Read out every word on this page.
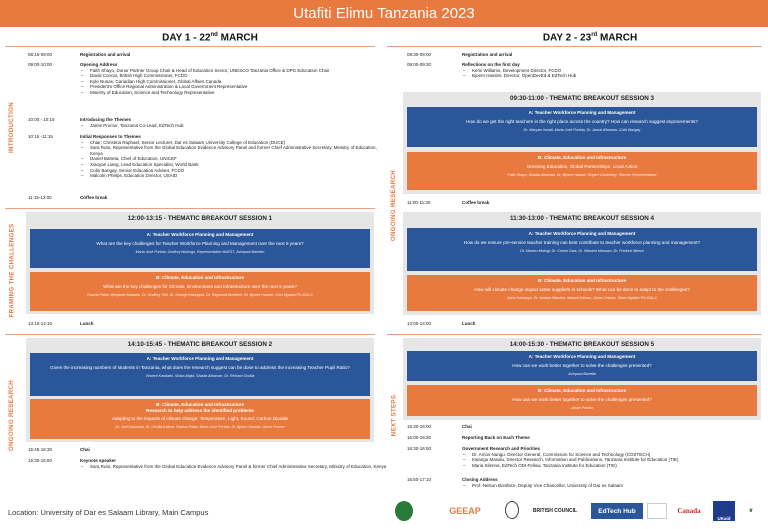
Utafiti Elimu Tanzania 2023
DAY 1 - 22nd MARCH	DAY 2 - 23rd MARCH
INTRODUCTION
FRAMING THE CHALLENGES
ONGOING RESEARCH
ONGOING RESEARCH
NEXT STEPS
08:15-09:00	Registration and arrival
09:00-10:00	Opening Address
– Faith Shayo, Donor Partner Group Chair & Head of Education Sector, UNESCO Tanzania Office & DPG Education Chair
– David Concar, British High Commissioner, FCDO
– Kyle Nunas, Canadian High Commissioner, Global Affairs Canada
– President's Office Regional Administration & Local Government Representative
– Ministry of Education, Science and Technology Representative
10:00 - 10:15	Introducing the Themes
– Jamie Proctor, Tanzania Co-Lead, EdTech Hub
10:15 -11:15	Initial Responses to Themes
– Chair: Christina Raphael, Senior Lecturer, Dar es Salaam University College of Education (DUCE)
– Sara Ruto, Representative from the Global Education Evidence Advisory Panel and former Chief Administrative Secretary, Ministry of Education, Kenya
– Daniel Baheta, Chief of Education, UNICEF
– Xiaoyan Liang, Lead Education Specialist, World Bank
– Colin Bangay, Senior Education Adviser, FCDO
– Malcolm Phelps, Education Director, USAID
11:15-12:00	Coffee break
12:00-13:15 - THEMATIC BREAKOUT SESSION 1
A: Teacher Workforce Planning and Management
What are the key challenges for Teacher Workforce Planning and Management over the next 5 years?
Maria José Portela, Godfrey Mulongo, Representative MoEST, Johnpaul Barretto
B: Climate, Education and Infrastructure
What are the key challenges for Climate, Environment and Infrastructure over the next 5 years?
Ravina Pattni, Benjamin Mawoko, Dr. Godfrey Telli, Dr. George Kalungwa, Dr. Raymond Boniface, Dr. Bjoern Hassler, Cem Mgaiha PO-RALG
13:15-14:10	Lunch
14:10-15:45 - THEMATIC BREAKOUT SESSION 2
A: Teacher Workforce Planning and Management
Given the increasing numbers of students in Tanzania, what does the research suggest can be done to address the increasing Teacher Pupil Ratio?
Vincent Kandado, Shara Majid, Shadia Alhaman, Dr. Richard Shukia
B: Climate, Education and Infrastructure
Research to help address the identified problems
Adapting to the impacts of climate change: Temperature, Light, Sound, Carbon Dioxide
Dr. Joel Kasumba, Dr. Cecilia Kalima, Ravina Pattni, Maria José Portela, Dr. Bjoern Hassler, Jamie Proctor
15:45-16:30	Chai
16:30-16:50	Keynote speaker
– Sara Ruto, Representative from the Global Education Evidence Advisory Panel & former Chief Administrative Secretary, Ministry of Education, Kenya
08:30-09:00	Registration and arrival
09:00-09:30	Reflections on the first day
– Kemi Williams, Development Director, FCDO
– Bjoern Hassler, Director, OpenDevEd & EdTech Hub
09:30-11:00 - THEMATIC BREAKOUT SESSION 3
A: Teacher Workforce Planning and Management
How do we get the right teachers in the right place across the country? How can research suggest improvements?
Dr. Maryam Ismail, Maria José Portela, Dr. Jamal Alhaman, Colin Bangay
B: Climate, Education and Infrastructure
Greening Education, Global Partnerships, Local Action
Faith Shayo, Shadia Alhaman, Dr. Bjoern Hassler, Rupert Corbishley, Teacher Representative
11:00-11:30	Coffee break
11:30-13:00 - THEMATIC BREAKOUT SESSION 4
A: Teacher Workforce Planning and Management
How do we ensure pre-service teacher training can best contribute to teacher workforce planning and management?
Dr. Mwanu Mwingi, Dr. Cohen Gwa, Dr. Winston Massam, Dr. Fredrick Mtenzi
B: Climate, Education and Infrastructure
How will climate change impact water suppliers in schools? What can be done to adapt to the challenges?
Asha Nampuya, Dr. Joseph Wamiba, Manuel Kamau, Jonas Onindo, Silver Ngalibe PO-RALG
13:00-14:00	Lunch
14:00-15:30 - THEMATIC BREAKOUT SESSION 5
A: Teacher Workforce Planning and Management
How can we work better together to solve the challenges presented?
Johnpaul Barretto
B: Climate, Education and Infrastructure
How can we work better together to solve the challenges presented?
Jamie Proctor
15:30-16:00	Chai
16:00-16:30	Reporting Back on Each Theme
16:30-16:50	Government Research and Priorities
– Dr. Amos Nungu, Director General, Commission for Science and Technology (COSTECH)
– Kwangu Masalu, Director Research, Information and Publications, Tanzania Institute for Education (TIE)
– Maria Silenna, EdTech ODI Fellow, Tanzania Institute for Education (TIE)
16:50-17:10	Closing Address
– Prof. Nelson Boniface, Deputy Vice Chancellor, University of Dar es Salaam
Location: University of Dar es Salaam Library, Main Campus	GEEAP	BRITISH COUNCIL	EdTech Hub	Canada
UKaid
❦
